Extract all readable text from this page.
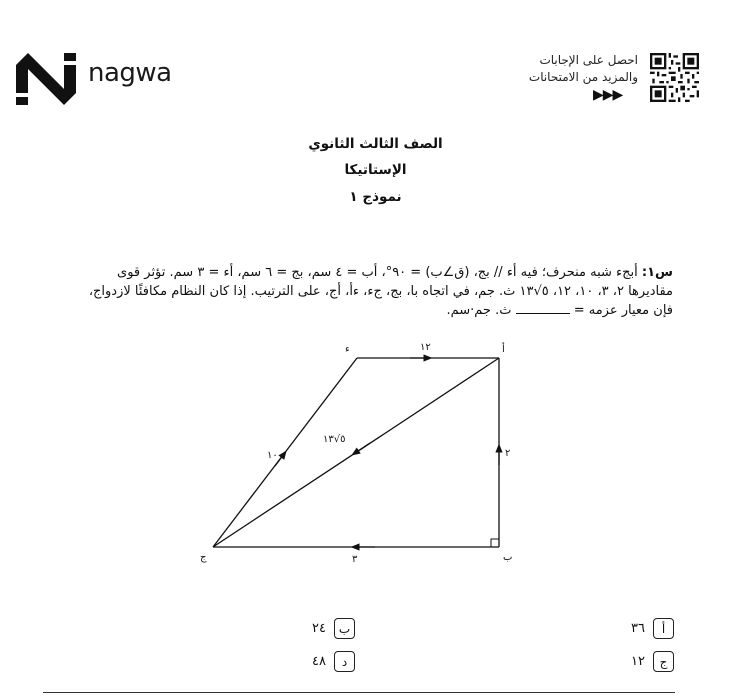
nagwa	احصل على الإجابات
والمزيد من الامتحانات
▶▶▶
الصف الثالث الثانوي
الإستاتيكا
نموذج ١
س١: أبجء شبه منحرف؛ فيه أء // بج، (ق∠ب) = ٩٠°، أب = ٤ سم، بج = ٦ سم، أء = ٣ سم. تؤثر قوى
مقاديرها ٢، ٣، ١٠، ١٢، ٥√١٣ ث. جم، في اتجاه با، بج، جء، ءأ، أج، على الترتيب. إذا كان النظام مكافئًا لازدواج،
فإن معيار عزمه =  ث. جم·سم.
أ
ء
ب
ج
١٢
٢
٣
١٠
٥√١٣
أ
٣٦
ب
٢٤
ج
١٢
د
٤٨
